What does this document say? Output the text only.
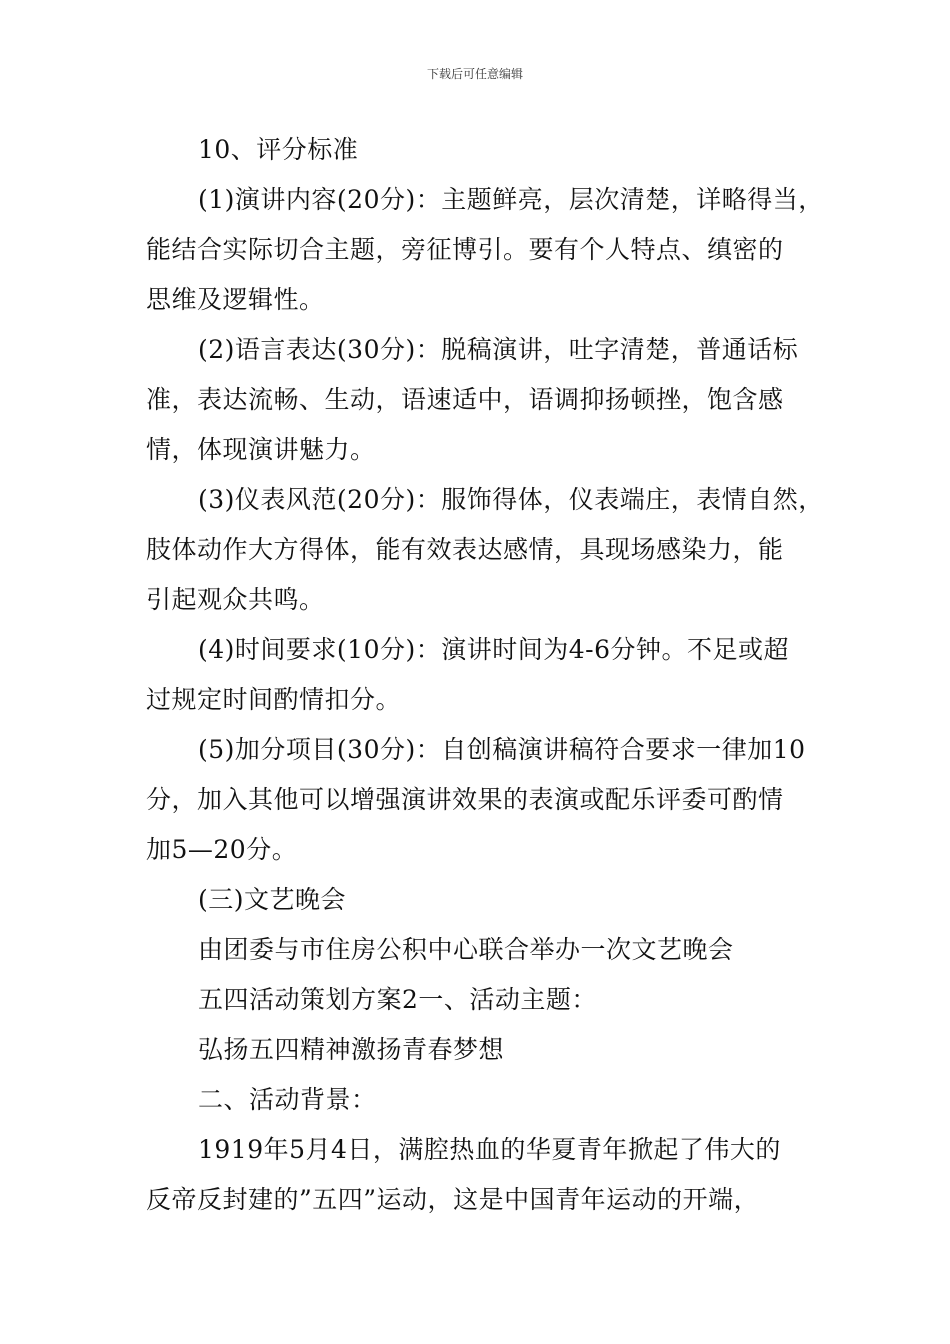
下载后可任意编辑

10、评分标准

(1)演讲内容(20分)：主题鲜亮，层次清楚，详略得当，

能结合实际切合主题，旁征博引。要有个人特点、缜密的

思维及逻辑性。

(2)语言表达(30分)：脱稿演讲，吐字清楚，普通话标

准，表达流畅、生动，语速适中，语调抑扬顿挫，饱含感

情，体现演讲魅力。

(3)仪表风范(20分)：服饰得体，仪表端庄，表情自然，

肢体动作大方得体，能有效表达感情，具现场感染力，能

引起观众共鸣。

(4)时间要求(10分)：演讲时间为4-6分钟。不足或超

过规定时间酌情扣分。

(5)加分项目(30分)：自创稿演讲稿符合要求一律加10

分，加入其他可以增强演讲效果的表演或配乐评委可酌情

加5—20分。

(三)文艺晚会

由团委与市住房公积中心联合举办一次文艺晚会

五四活动策划方案2一、活动主题：

弘扬五四精神激扬青春梦想

二、活动背景：

1919年5月4日，满腔热血的华夏青年掀起了伟大的

反帝反封建的”五四”运动，这是中国青年运动的开端，
